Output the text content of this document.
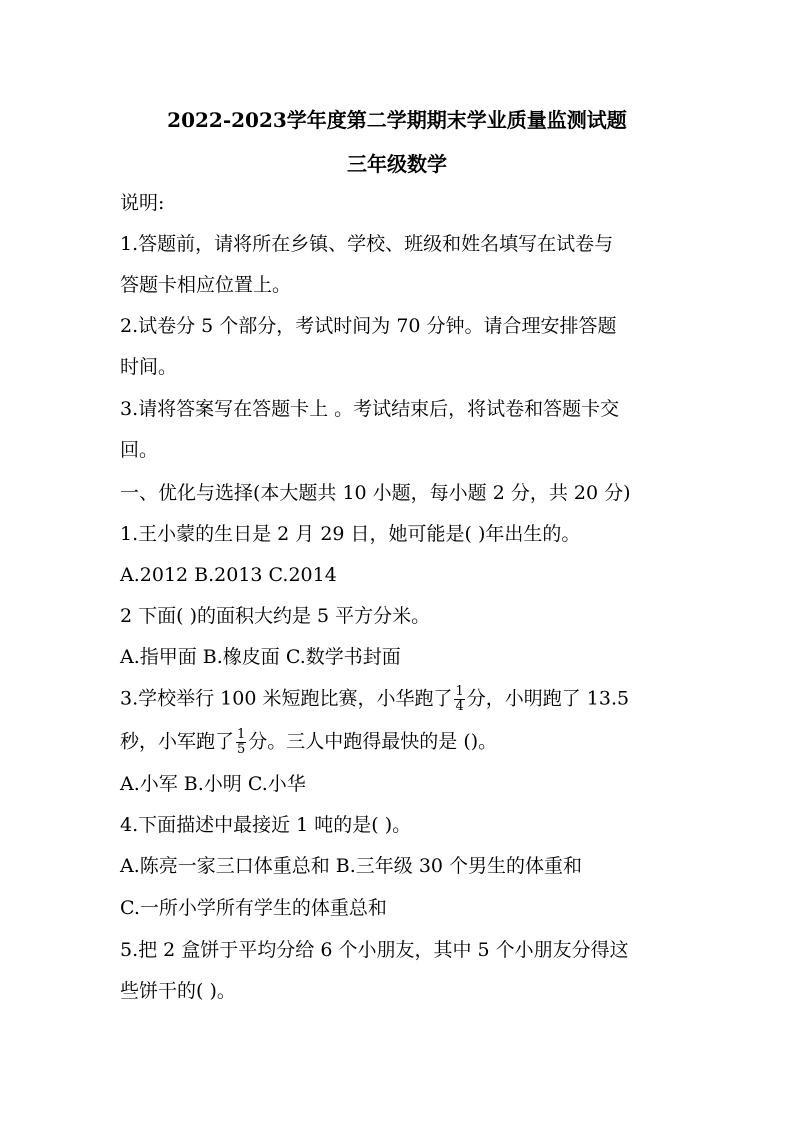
2022-2023学年度第二学期期末学业质量监测试题
三年级数学
说明:
1.答题前，请将所在乡镇、学校、班级和姓名填写在试卷与
答题卡相应位置上。
2.试卷分 5 个部分，考试时间为 70 分钟。请合理安排答题
时间。
3.请将答案写在答题卡上 。考试结束后，将试卷和答题卡交
回。
一、优化与选择(本大题共 10 小题，每小题 2 分，共 20 分)
1.王小蒙的生日是 2 月 29 日，她可能是( )年出生的。
A.2012 B.2013 C.2014
2 下面( )的面积大约是 5 平方分米。
A.指甲面 B.橡皮面 C.数学书封面
3.学校举行 100 米短跑比赛，小华跑了 $\frac{1}{4}$ 分，小明跑了 13.5
秒，小军跑了 $\frac{1}{5}$ 分。三人中跑得最快的是 ()。
A.小军 B.小明 C.小华
4.下面描述中最接近 1 吨的是( )。
A.陈亮一家三口体重总和 B.三年级 30 个男生的体重和
C.一所小学所有学生的体重总和
5.把 2 盒饼于平均分给 6 个小朋友，其中 5 个小朋友分得这
些饼干的( )。
